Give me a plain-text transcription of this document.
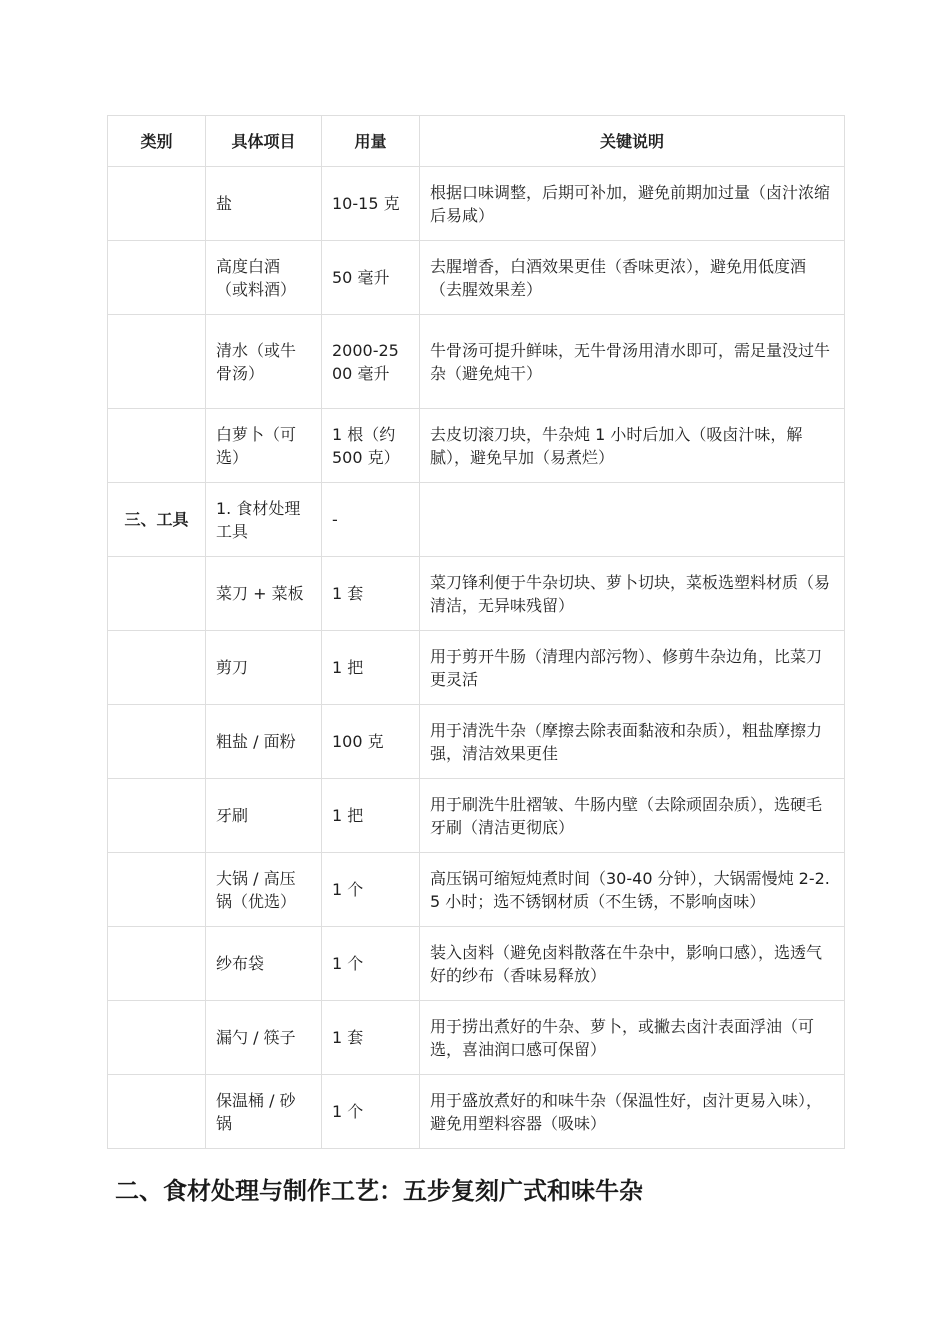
类别	具体项目	用量	关键说明
	盐	10-15 克	根据口味调整，后期可补加，避免前期加过量（卤汁浓缩后易咸）
	高度白酒（或料酒）	50 毫升	去腥增香，白酒效果更佳（香味更浓），避免用低度酒（去腥效果差）
	清水（或牛骨汤）	2000-2500 毫升	牛骨汤可提升鲜味，无牛骨汤用清水即可，需足量没过牛杂（避免炖干）
	白萝卜（可选）	1 根（约 500 克）	去皮切滚刀块，牛杂炖 1 小时后加入（吸卤汁味，解腻），避免早加（易煮烂）
三、工具	1. 食材处理工具	-	
	菜刀 + 菜板	1 套	菜刀锋利便于牛杂切块、萝卜切块，菜板选塑料材质（易清洁，无异味残留）
	剪刀	1 把	用于剪开牛肠（清理内部污物）、修剪牛杂边角，比菜刀更灵活
	粗盐 / 面粉	100 克	用于清洗牛杂（摩擦去除表面黏液和杂质），粗盐摩擦力强，清洁效果更佳
	牙刷	1 把	用于刷洗牛肚褶皱、牛肠内壁（去除顽固杂质），选硬毛牙刷（清洁更彻底）
	大锅 / 高压锅（优选）	1 个	高压锅可缩短炖煮时间（30-40 分钟），大锅需慢炖 2-2.5 小时；选不锈钢材质（不生锈，不影响卤味）
	纱布袋	1 个	装入卤料（避免卤料散落在牛杂中，影响口感），选透气好的纱布（香味易释放）
	漏勺 / 筷子	1 套	用于捞出煮好的牛杂、萝卜，或撇去卤汁表面浮油（可选，喜油润口感可保留）
	保温桶 / 砂锅	1 个	用于盛放煮好的和味牛杂（保温性好，卤汁更易入味），避免用塑料容器（吸味）
二、食材处理与制作工艺：五步复刻广式和味牛杂
